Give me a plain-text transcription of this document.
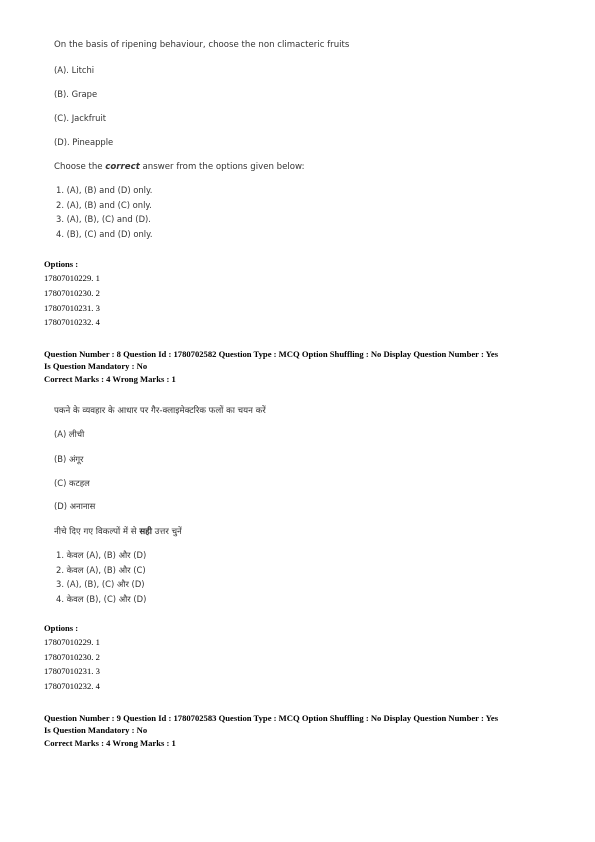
On the basis of ripening behaviour, choose the non climacteric fruits
(A). Litchi
(B). Grape
(C). Jackfruit
(D). Pineapple
Choose the correct answer from the options given below:
1. (A), (B) and (D) only.
2. (A), (B) and (C) only.
3. (A), (B), (C) and (D).
4. (B), (C) and (D) only.
Options :
17807010229. 1
17807010230. 2
17807010231. 3
17807010232. 4
Question Number : 8 Question Id : 1780702582 Question Type : MCQ Option Shuffling : No Display Question Number : Yes
Is Question Mandatory : No
Correct Marks : 4 Wrong Marks : 1
पकने के व्यवहार के आधार पर गैर-क्लाइमेक्टरिक फलों का चयन करें
(A) लीची
(B) अंगूर
(C) कटहल
(D) अनानास
नीचे दिए गए विकल्पों में से सही उत्तर चुनें
1. केवल (A), (B) और (D)
2. केवल (A), (B) और (C)
3. (A), (B), (C) और (D)
4. केवल (B), (C) और (D)
Options :
17807010229. 1
17807010230. 2
17807010231. 3
17807010232. 4
Question Number : 9 Question Id : 1780702583 Question Type : MCQ Option Shuffling : No Display Question Number : Yes
Is Question Mandatory : No
Correct Marks : 4 Wrong Marks : 1
